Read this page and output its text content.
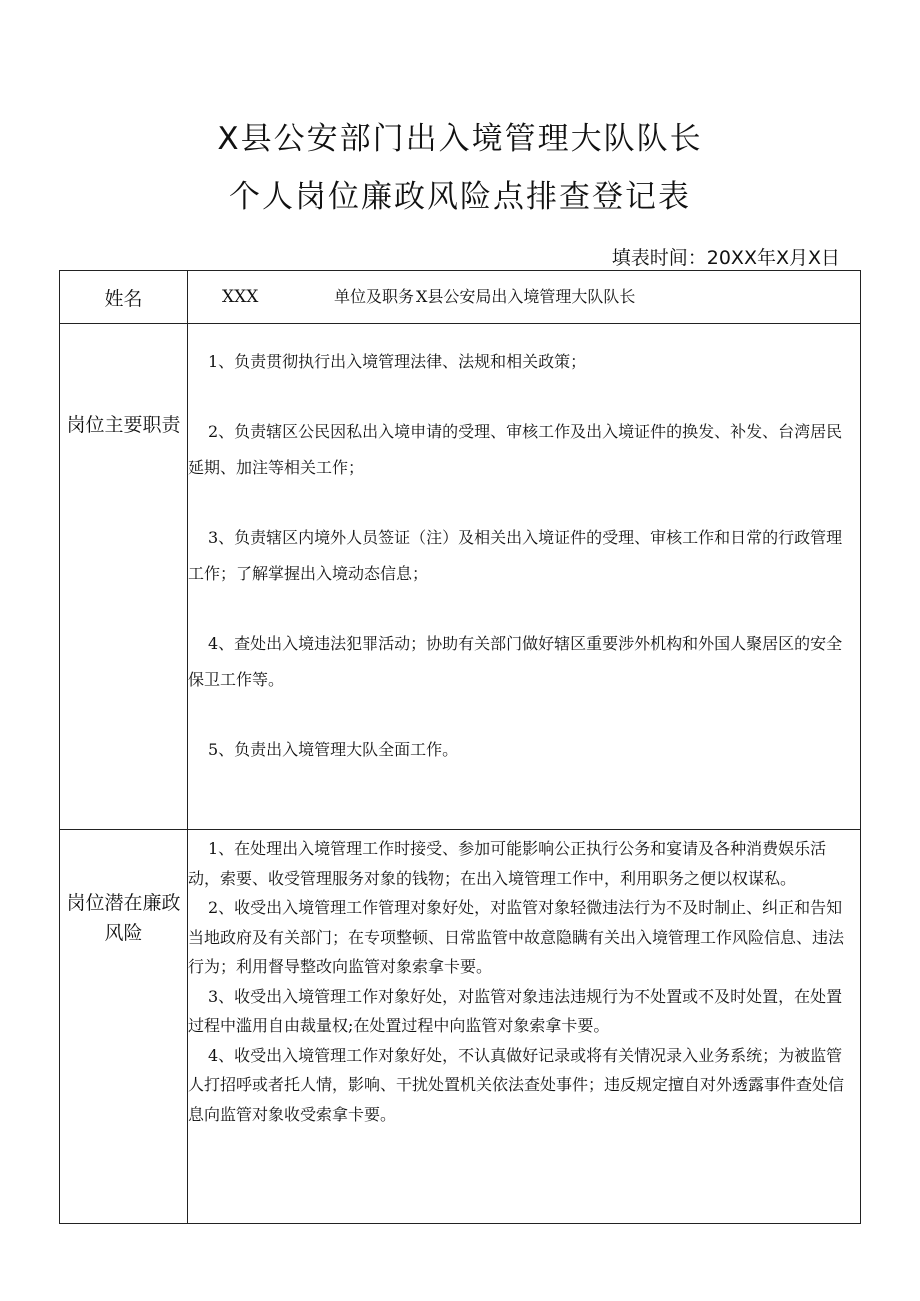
X县公安部门出入境管理大队队长
个人岗位廉政风险点排查登记表
填表时间：20XX年X月X日
姓名	XXX 单位及职务 X县公安局出入境管理大队队长

岗位主要职责	1、负责贯彻执行出入境管理法律、法规和相关政策；

2、负责辖区公民因私出入境申请的受理、审核工作及出入境证件的换发、补发、台湾居民延期、加注等相关工作；

3、负责辖区内境外人员签证（注）及相关出入境证件的受理、审核工作和日常的行政管理工作；了解掌握出入境动态信息；

4、查处出入境违法犯罪活动；协助有关部门做好辖区重要涉外机构和外国人聚居区的安全保卫工作等。

5、负责出入境管理大队全面工作。

岗位潜在廉政风险	1、在处理出入境管理工作时接受、参加可能影响公正执行公务和宴请及各种消费娱乐活动，索要、收受管理服务对象的钱物；在出入境管理工作中，利用职务之便以权谋私。

2、收受出入境管理工作管理对象好处，对监管对象轻微违法行为不及时制止、纠正和告知当地政府及有关部门；在专项整顿、日常监管中故意隐瞒有关出入境管理工作风险信息、违法行为；利用督导整改向监管对象索拿卡要。

3、收受出入境管理工作对象好处，对监管对象违法违规行为不处置或不及时处置，在处置过程中滥用自由裁量权;在处置过程中向监管对象索拿卡要。

4、收受出入境管理工作对象好处，不认真做好记录或将有关情况录入业务系统；为被监管人打招呼或者托人情，影响、干扰处置机关依法查处事件；违反规定擅自对外透露事件查处信息向监管对象收受索拿卡要。
